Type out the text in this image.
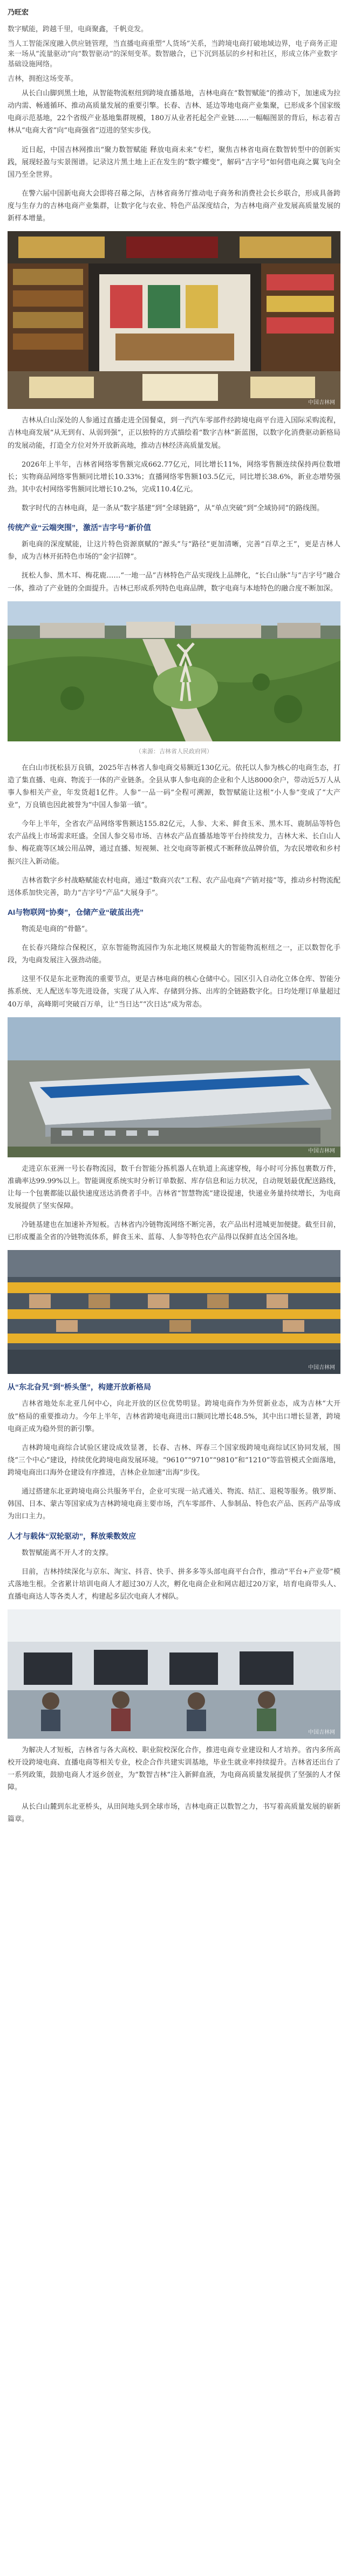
乃旺宏

数字赋能，跨越千里，电商聚鑫，千帆竞发。

当人工智能深度融入供应链管理，当直播电商重塑“人货场”关系，当跨境电商打破地域边界，电子商务正迎来一场从“流量驱动”向“数智驱动”的深刻变革。数智融合，已下沉到基层的乡村和社区，形成立体产业数字基础设施网络。

吉林，拥抱这场变革。

从长白山脚到黑土地，从智能物流枢纽到跨境直播基地，吉林电商在“数智赋能”的推动下，加速成为拉动内需、畅通循环、推动高质量发展的重要引擎。长春、吉林、延边等地电商产业集聚，已形成多个国家级电商示范基地，22个省级产业基地集群规模，180万从业者托起全产业链……一幅幅图景的背后，标志着吉林从“电商大省”向“电商强省”迈进的坚实步伐。

近日起，中国吉林网推出“聚力数智赋能 释放电商未来”专栏，聚焦吉林省电商在数智转型中的创新实践，展现轻盈与实景图谱。记录这片黑土地上正在发生的“数字蝶变”，解码“吉字号”如何借电商之翼飞向全国乃至全世界。

在警六届中国新电商大会即将召幕之际，吉林省商务厅推动电子商务和消费社会长乡联合，形成具备跨度与生存力的吉林电商产业集群，让数字化与农业、特色产品深度结合，为吉林电商产业发展高质量发展的新样本增量。

中国吉林网

吉林从白山深处的人参通过直播走进全国餐桌，到一汽汽车零部件经跨境电商平台进入国际采购流程，吉林电商发展“从无到有、从弱到强”，正以独特的方式描绘着“数字吉林”新蓝图，以数字化消费驱动新格局的发展动能，打造全方位对外开放新高地，推动吉林经济高质量发展。

2026年上半年，吉林省网络零售额完成662.77亿元，同比增长11%，网络零售额连续保持两位数增长；实物商品网络零售额同比增长10.33%；直播网络零售额103.5亿元，同比增长38.6%，新业态增势强劲。其中农村网络零售额同比增长10.2%，完成110.4亿元。

数字时代的吉林电商，是一条从“数字基建”到“全球链路”，从“单点突破”到“全域协同”的路线图。

传统产业“云端突围”，激活“吉字号”新价值

新电商的深度赋能，让这片特色资源禀赋的“源头”与“路径”更加清晰，完善“百草之王”，更是吉林人参，成为吉林开拓特色市场的“金字招牌”。

抚松人参、黑木耳、梅花鹿……“一地一品”吉林特色产品实现线上品牌化，“长白山脉”与“吉字号”融合一体，推动了产业链的全面提升。吉林已形成系列特色电商品牌，数字电商与本地特色的融合度不断加深。

（来源：吉林省人民政府网）

在白山市抚松县万良镇，2025年吉林省人参电商交易额近130亿元。依托以人参为核心的电商生态，打造了集直播、电商、物流于一体的产业链条。全县从事人参电商的企业和个人达8000余户，带动近5万人从事人参相关产业，年发货超1亿件。人参“一品一码”全程可溯源，数智赋能让这根“小人参”变成了“大产业”，万良镇也因此被誉为“中国人参第一镇”。

今年上半年，全省农产品网络零售额达155.82亿元，人参、大米、鲜食玉米、黑木耳、鹿制品等特色农产品线上市场需求旺盛。全国人参交易市场、吉林农产品直播基地等平台持续发力，吉林大米、长白山人参、梅花鹿等区域公用品牌，通过直播、短视频、社交电商等新模式不断释放品牌价值，为农民增收和乡村振兴注入新动能。

吉林省数字乡村战略赋能农村电商，通过“数商兴农”工程、农产品电商“产销对接”等，推动乡村物流配送体系加快完善，助力“吉字号”产品“大展身手”。

AI与物联网“协奏”，仓储产业“破茧出壳”

物流是电商的“骨骼”。

在长春兴隆综合保税区，京东智能物流园作为东北地区规模最大的智能物流枢纽之一，正以数智化手段，为电商发展注入强劲动能。

这里不仅是东北亚物流的重要节点，更是吉林电商的核心仓储中心。园区引入自动化立体仓库、智能分拣系统、无人配送车等先进设备，实现了从入库、存储到分拣、出库的全链路数字化。日均处理订单量超过40万单，高峰期可突破百万单，让“当日达”“次日达”成为常态。

中国吉林网

走进京东亚洲一号长春物流园，数千台智能分拣机器人在轨道上高速穿梭，每小时可分拣包裹数万件，准确率达99.99%以上。智能调度系统实时分析订单数据、库存信息和运力状况，自动规划最优配送路线，让每一个包裹都能以最快速度送达消费者手中。吉林省“智慧物流”建设提速，快递业务量持续增长，为电商发展提供了坚实保障。

冷链基建也在加速补齐短板。吉林省内冷链物流网络不断完善，农产品出村进城更加便捷。截至目前，已形成覆盖全省的冷链物流体系，鲜食玉米、蓝莓、人参等特色农产品得以保鲜直达全国各地。

中国吉林网
从“东北旮旯”到“桥头堡”，构建开放新格局

吉林省地处东北亚几何中心，向北开放的区位优势明显。跨境电商作为外贸新业态，成为吉林“大开放”格局的重要推动力。今年上半年，吉林省跨境电商进出口额同比增长48.5%，其中出口增长显著，跨境电商正成为稳外贸的新引擎。

吉林跨境电商综合试验区建设成效显著，长春、吉林、珲春三个国家级跨境电商综试区协同发展，围绕“三个中心”建设，持续优化跨境电商发展环境。“9610”“9710”“9810”和“1210”等监管模式全面落地，跨境电商出口海外仓建设有序推进，吉林企业加速“出海”步伐。

通过搭建东北亚跨境电商公共服务平台，企业可实现一站式通关、物流、结汇、退税等服务。俄罗斯、韩国、日本、蒙古等国家成为吉林跨境电商主要市场，汽车零部件、人参制品、特色农产品、医药产品等成为出口主力。

人才与载体“双轮驱动”，释放乘数效应

数智赋能离不开人才的支撑。

目前，吉林持续深化与京东、淘宝、抖音、快手、拼多多等头部电商平台合作，推动“平台+产业带”模式落地生根。全省累计培训电商人才超过30万人次，孵化电商企业和网店超过20万家，培育电商带头人、直播电商达人等各类人才，构建起多层次电商人才梯队。

中国吉林网

为解决人才短板，吉林省与各大高校、职业院校深化合作，推进电商专业建设和人才培养。省内多所高校开设跨境电商、直播电商等相关专业，校企合作共建实训基地，毕业生就业率持续提升。吉林省还出台了一系列政策，鼓励电商人才返乡创业，为“数智吉林”注入新鲜血液，为电商高质量发展提供了坚强的人才保障。

从长白山麓到东北亚桥头，从田间地头到全球市场，吉林电商正以数智之力，书写着高质量发展的崭新篇章。
